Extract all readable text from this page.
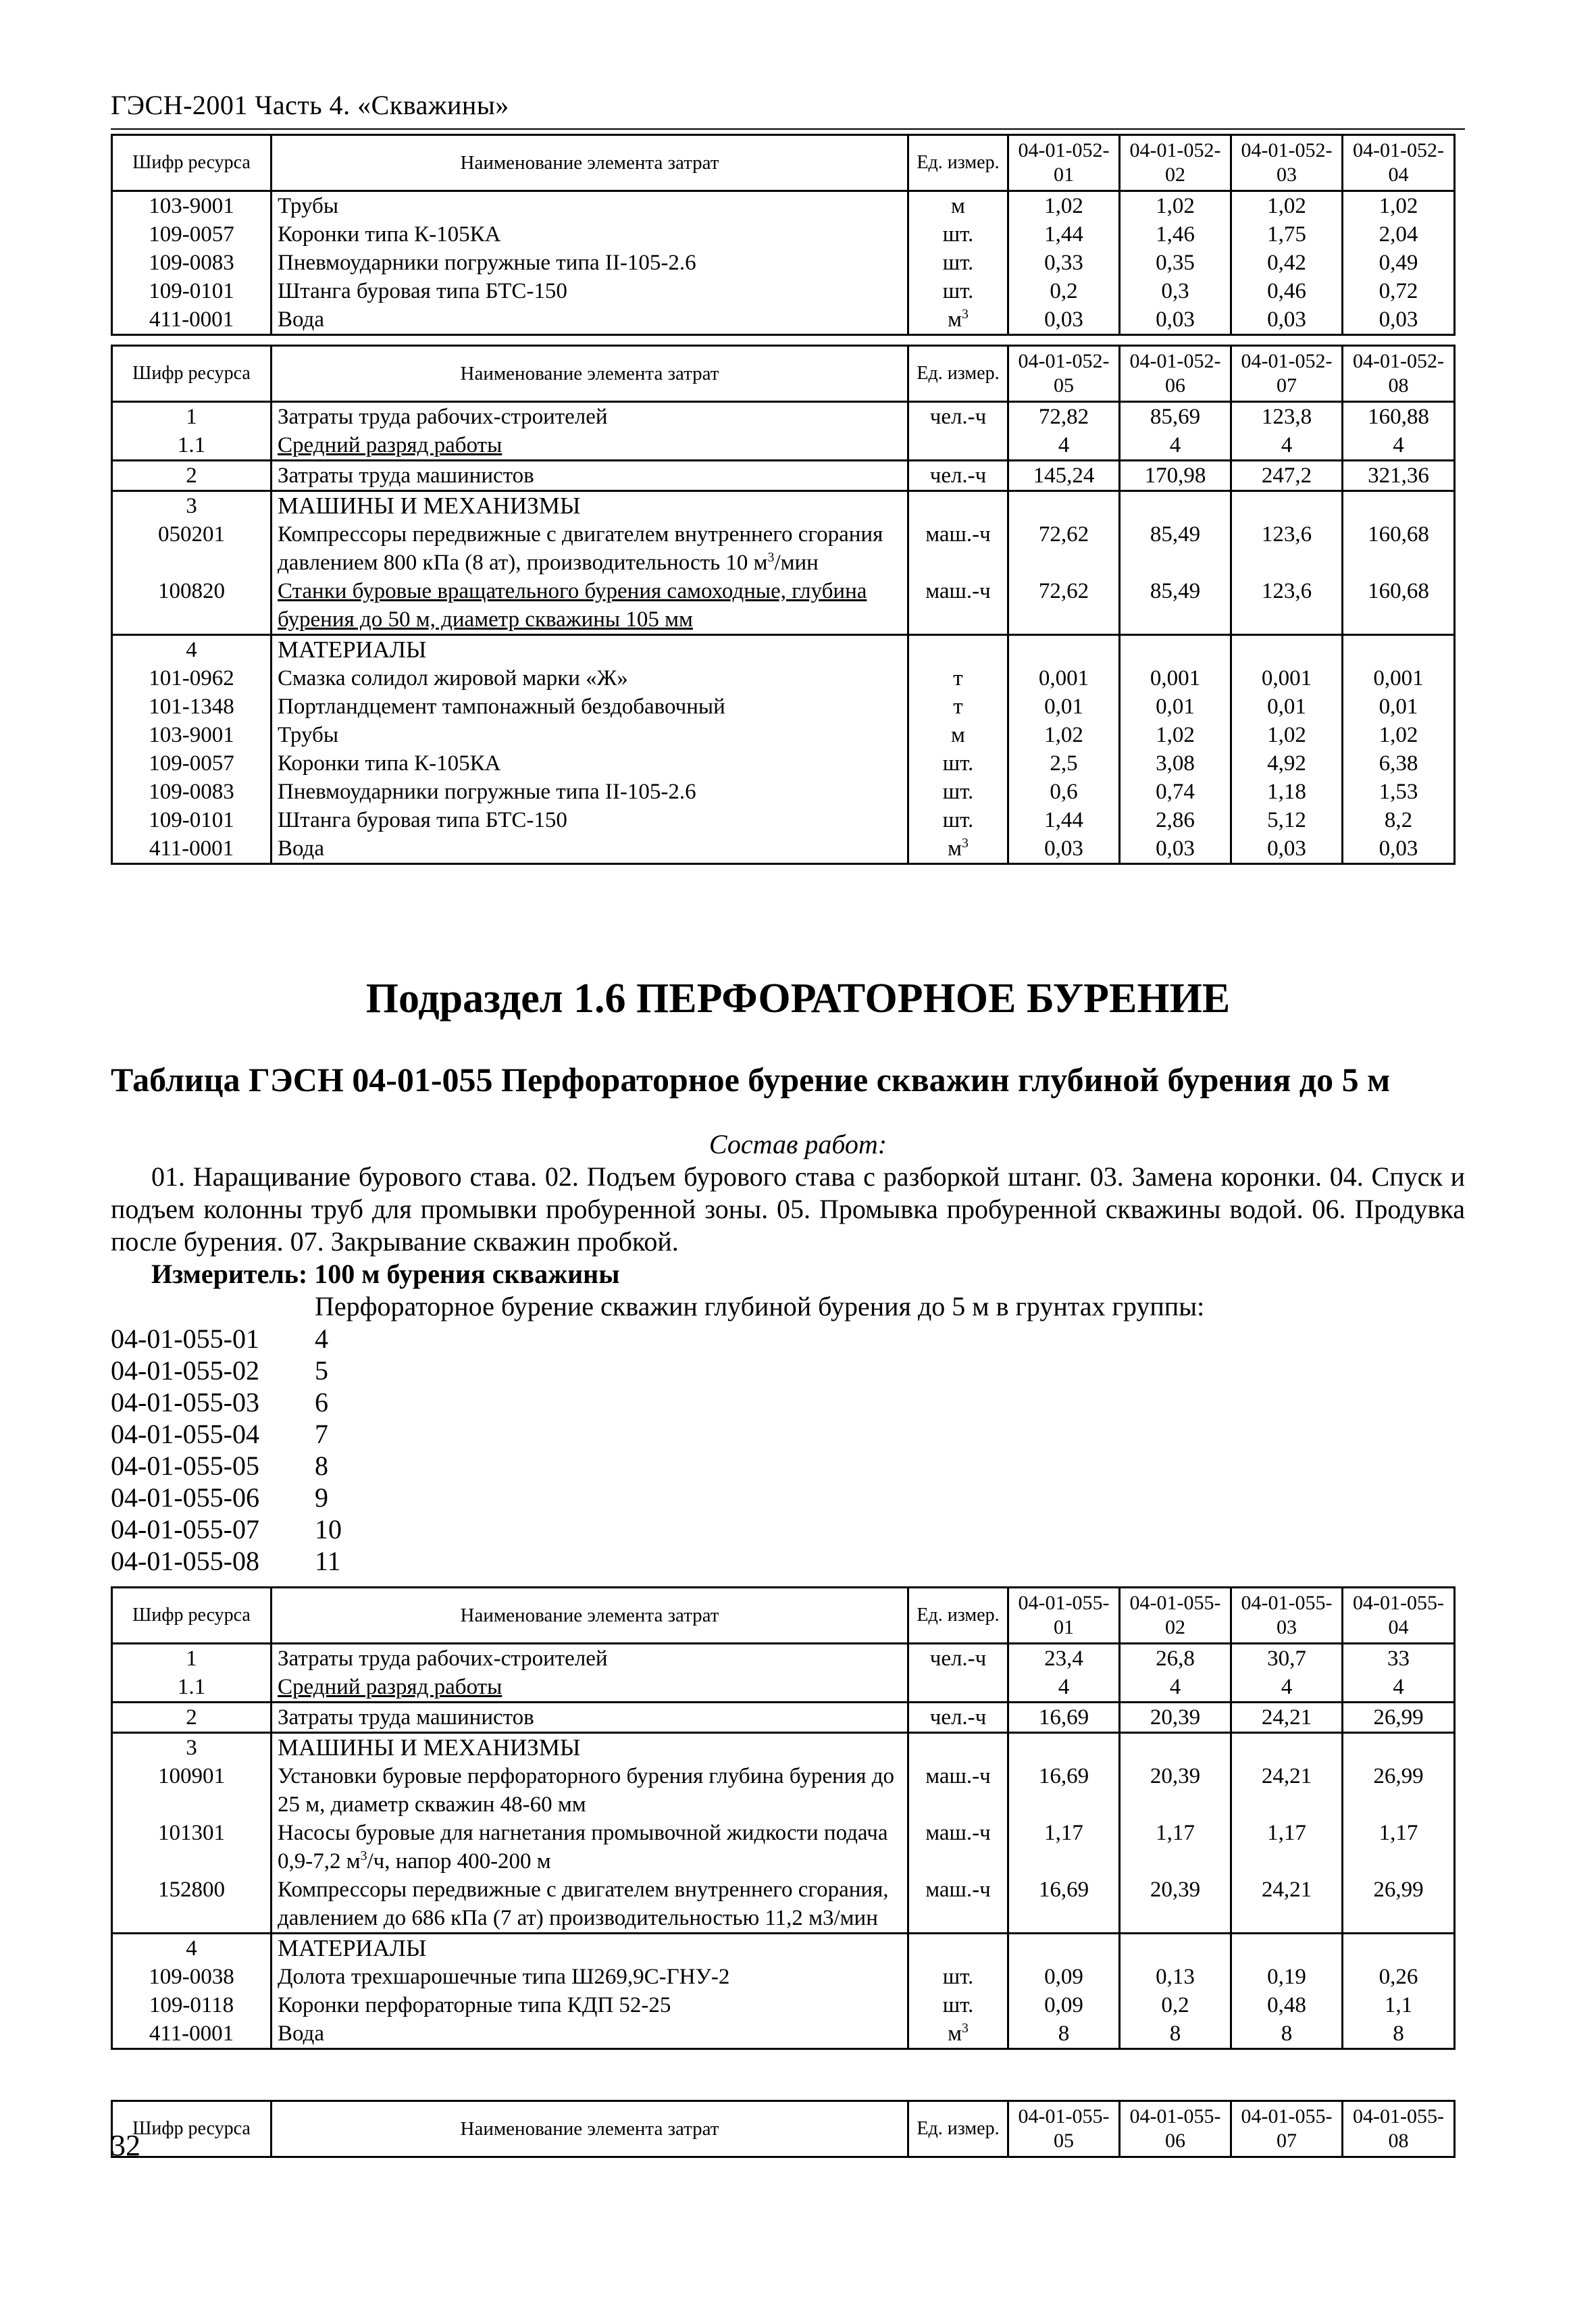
ГЭСН-2001 Часть 4. «Скважины»
Шифр ресурса	Наименование элемента затрат	Ед. измер.	04-01-052-01	04-01-052-02	04-01-052-03	04-01-052-04
103-9001	Трубы	м	1,02	1,02	1,02	1,02
109-0057	Коронки типа К-105КА	шт.	1,44	1,46	1,75	2,04
109-0083	Пневмоударники погружные типа II-105-2.6	шт.	0,33	0,35	0,42	0,49
109-0101	Штанга буровая типа БТС-150	шт.	0,2	0,3	0,46	0,72
411-0001	Вода	$м^3$	0,03	0,03	0,03	0,03
Шифр ресурса	Наименование элемента затрат	Ед. измер.	04-01-052-05	04-01-052-06	04-01-052-07	04-01-052-08
1	Затраты труда рабочих-строителей	чел.-ч	72,82	85,69	123,8	160,88
1.1	Средний разряд работы		4	4	4	4
2	Затраты труда машинистов	чел.-ч	145,24	170,98	247,2	321,36
3	МАШИНЫ И МЕХАНИЗМЫ					
050201	Компрессоры передвижные с двигателем внутреннего сгорания давлением 800 кПа (8 ат), производительность 10 $м^3$/мин	маш.-ч	72,62	85,49	123,6	160,68
100820	Станки буровые вращательного бурения самоходные, глубина бурения до 50 м, диаметр скважины 105 мм	маш.-ч	72,62	85,49	123,6	160,68
4	МАТЕРИАЛЫ					
101-0962	Смазка солидол жировой марки «Ж»	т	0,001	0,001	0,001	0,001
101-1348	Портландцемент тампонажный бездобавочный	т	0,01	0,01	0,01	0,01
103-9001	Трубы	м	1,02	1,02	1,02	1,02
109-0057	Коронки типа К-105КА	шт.	2,5	3,08	4,92	6,38
109-0083	Пневмоударники погружные типа II-105-2.6	шт.	0,6	0,74	1,18	1,53
109-0101	Штанга буровая типа БТС-150	шт.	1,44	2,86	5,12	8,2
411-0001	Вода	$м^3$	0,03	0,03	0,03	0,03
Подраздел 1.6 ПЕРФОРАТОРНОЕ БУРЕНИЕ
Таблица ГЭСН 04-01-055 Перфораторное бурение скважин глубиной бурения до 5 м
Состав работ:
01. Наращивание бурового става. 02. Подъем бурового става с разборкой штанг. 03. Замена коронки. 04. Спуск и подъем колонны труб для промывки пробуренной зоны. 05. Промывка пробуренной скважины водой. 06. Продувка после бурения. 07. Закрывание скважин пробкой.
Измеритель: 100 м бурения скважины
Перфораторное бурение скважин глубиной бурения до 5 м в грунтах группы:
04-01-055-01	4
04-01-055-02	5
04-01-055-03	6
04-01-055-04	7
04-01-055-05	8
04-01-055-06	9
04-01-055-07	10
04-01-055-08	11
Шифр ресурса	Наименование элемента затрат	Ед. измер.	04-01-055-01	04-01-055-02	04-01-055-03	04-01-055-04
1	Затраты труда рабочих-строителей	чел.-ч	23,4	26,8	30,7	33
1.1	Средний разряд работы		4	4	4	4
2	Затраты труда машинистов	чел.-ч	16,69	20,39	24,21	26,99
3	МАШИНЫ И МЕХАНИЗМЫ					
100901	Установки буровые перфораторного бурения глубина бурения до 25 м, диаметр скважин 48-60 мм	маш.-ч	16,69	20,39	24,21	26,99
101301	Насосы буровые для нагнетания промывочной жидкости подача 0,9-7,2 $м^3/ч$, напор 400-200 м	маш.-ч	1,17	1,17	1,17	1,17
152800	Компрессоры передвижные с двигателем внутреннего сгорания, давлением до 686 кПа (7 ат) производительностью 11,2 м3/мин	маш.-ч	16,69	20,39	24,21	26,99
4	МАТЕРИАЛЫ					
109-0038	Долота трехшарошечные типа Ш269,9С-ГНУ-2	шт.	0,09	0,13	0,19	0,26
109-0118	Коронки перфораторные типа КДП 52-25	шт.	0,09	0,2	0,48	1,1
411-0001	Вода	$м^3$	8	8	8	8
Шифр ресурса	Наименование элемента затрат	Ед. измер.	04-01-055-05	04-01-055-06	04-01-055-07	04-01-055-08
32
